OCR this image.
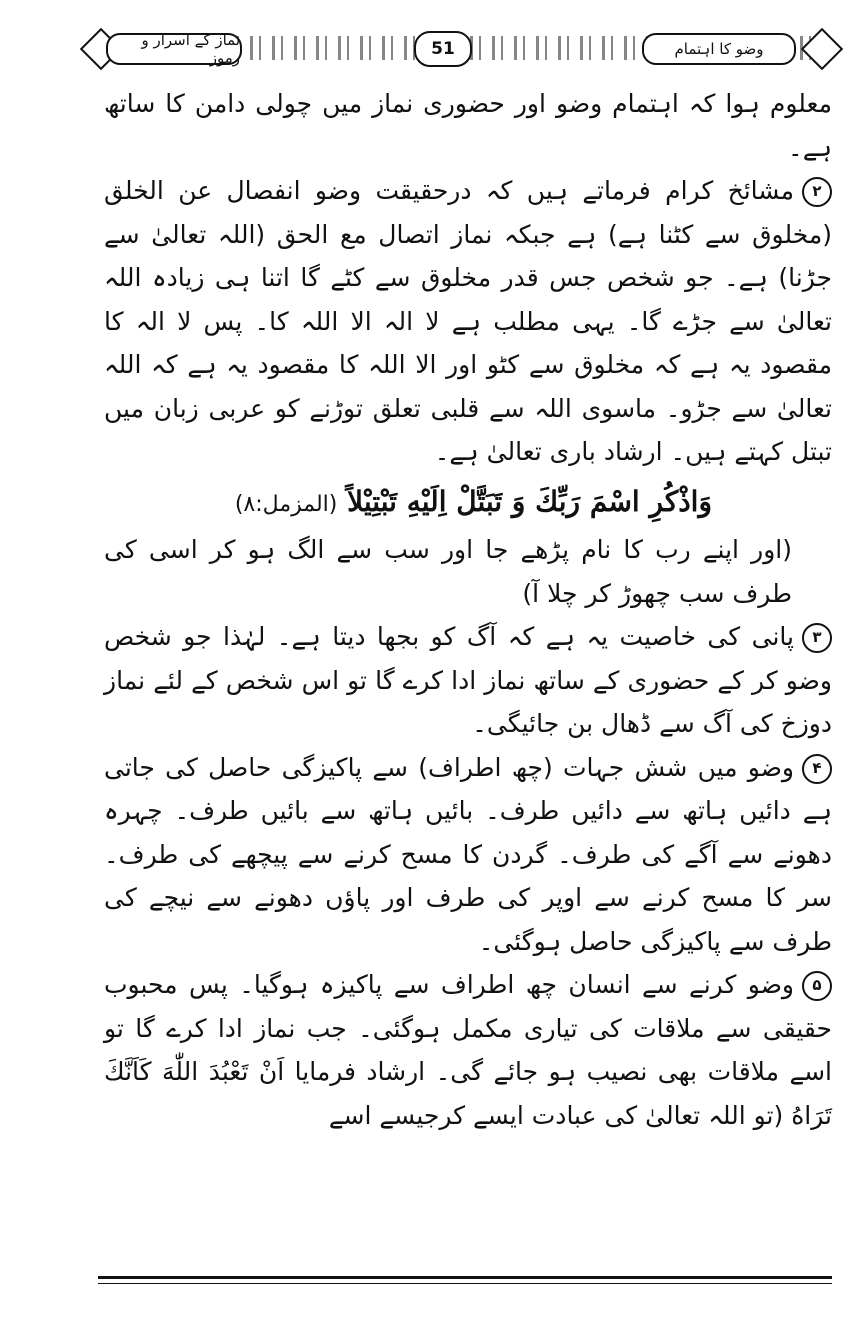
نماز کے اسرار و رموز	51	وضو کا اہتمام

معلوم ہوا کہ اہتمام وضو اور حضوری نماز میں چولی دامن کا ساتھ ہے۔

۲مشائخ کرام فرماتے ہیں کہ درحقیقت وضو انفصال عن الخلق (مخلوق سے کٹنا ہے) ہے جبکہ نماز اتصال مع الحق (اللہ تعالیٰ سے جڑنا) ہے۔ جو شخص جس قدر مخلوق سے کٹے گا اتنا ہی زیادہ اللہ تعالیٰ سے جڑے گا۔ یہی مطلب ہے لا الہ الا اللہ کا۔ پس لا الہ کا مقصود یہ ہے کہ مخلوق سے کٹو اور الا اللہ کا مقصود یہ ہے کہ اللہ تعالیٰ سے جڑو۔ ماسوی اللہ سے قلبی تعلق توڑنے کو عربی زبان میں تبتل کہتے ہیں۔ ارشاد باری تعالیٰ ہے۔

وَاذْكُرِ اسْمَ رَبِّكَ وَ تَبَتَّلْ اِلَيْهِ تَبْتِيْلاً (المزمل:۸)

(اور اپنے رب کا نام پڑھے جا اور سب سے الگ ہو کر اسی کی طرف سب چھوڑ کر چلا آ)

۳پانی کی خاصیت یہ ہے کہ آگ کو بجھا دیتا ہے۔ لہٰذا جو شخص وضو کر کے حضوری کے ساتھ نماز ادا کرے گا تو اس شخص کے لئے نماز دوزخ کی آگ سے ڈھال بن جائیگی۔

۴وضو میں شش جہات (چھ اطراف) سے پاکیزگی حاصل کی جاتی ہے دائیں ہاتھ سے دائیں طرف۔ بائیں ہاتھ سے بائیں طرف۔ چہرہ دھونے سے آگے کی طرف۔ گردن کا مسح کرنے سے پیچھے کی طرف۔ سر کا مسح کرنے سے اوپر کی طرف اور پاؤں دھونے سے نیچے کی طرف سے پاکیزگی حاصل ہوگئی۔

۵وضو کرنے سے انسان چھ اطراف سے پاکیزہ ہوگیا۔ پس محبوب حقیقی سے ملاقات کی تیاری مکمل ہوگئی۔ جب نماز ادا کرے گا تو اسے ملاقات بھی نصیب ہو جائے گی۔ ارشاد فرمایا اَنْ تَعْبُدَ اللّٰهَ كَاَنَّكَ تَرَاهُ (تو اللہ تعالیٰ کی عبادت ایسے کرجیسے اسے
